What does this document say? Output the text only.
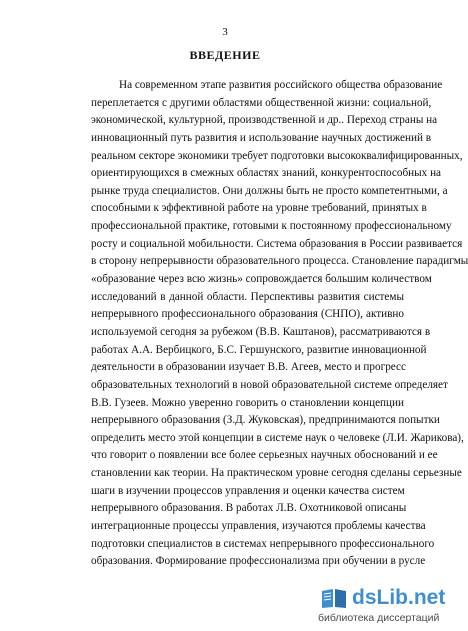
3
ВВЕДЕНИЕ
На современном этапе развития российского общества образование
переплетается с другими областями общественной жизни: социальной,
экономической, культурной, производственной и др.. Переход страны на
инновационный путь развития и использование научных достижений в
реальном секторе экономики требует подготовки высококвалифицированных,
ориентирующихся в смежных областях знаний, конкурентоспособных на
рынке труда специалистов. Они должны быть не просто компетентными, а
способными к эффективной работе на уровне требований, принятых в
профессиональной практике, готовыми к постоянному профессиональному
росту и социальной мобильности. Система образования в России развивается
в сторону непрерывности образовательного процесса. Становление парадигмы
«образование через всю жизнь» сопровождается большим количеством
исследований в данной области. Перспективы развития системы
непрерывного профессионального образования (СНПО), активно
используемой сегодня за рубежом (В.В. Каштанов), рассматриваются в
работах А.А. Вербицкого, Б.С. Гершунского, развитие инновационной
деятельности в образовании изучает В.В. Агеев, место и прогресс
образовательных технологий в новой образовательной системе определяет
В.В. Гузеев. Можно уверенно говорить о становлении концепции
непрерывного образования (З.Д. Жуковская), предпринимаются попытки
определить место этой концепции в системе наук о человеке (Л.И. Жарикова),
что говорит о появлении все более серьезных научных обоснований и ее
становлении как теории. На практическом уровне сегодня сделаны серьезные
шаги в изучении процессов управления и оценки качества систем
непрерывного образования. В работах Л.В. Охотниковой описаны
интеграционные процессы управления, изучаются проблемы качества
подготовки специалистов в системах непрерывного профессионального
образования. Формирование профессионализма при обучении в русле
dsLib.net
библиотека диссертаций
